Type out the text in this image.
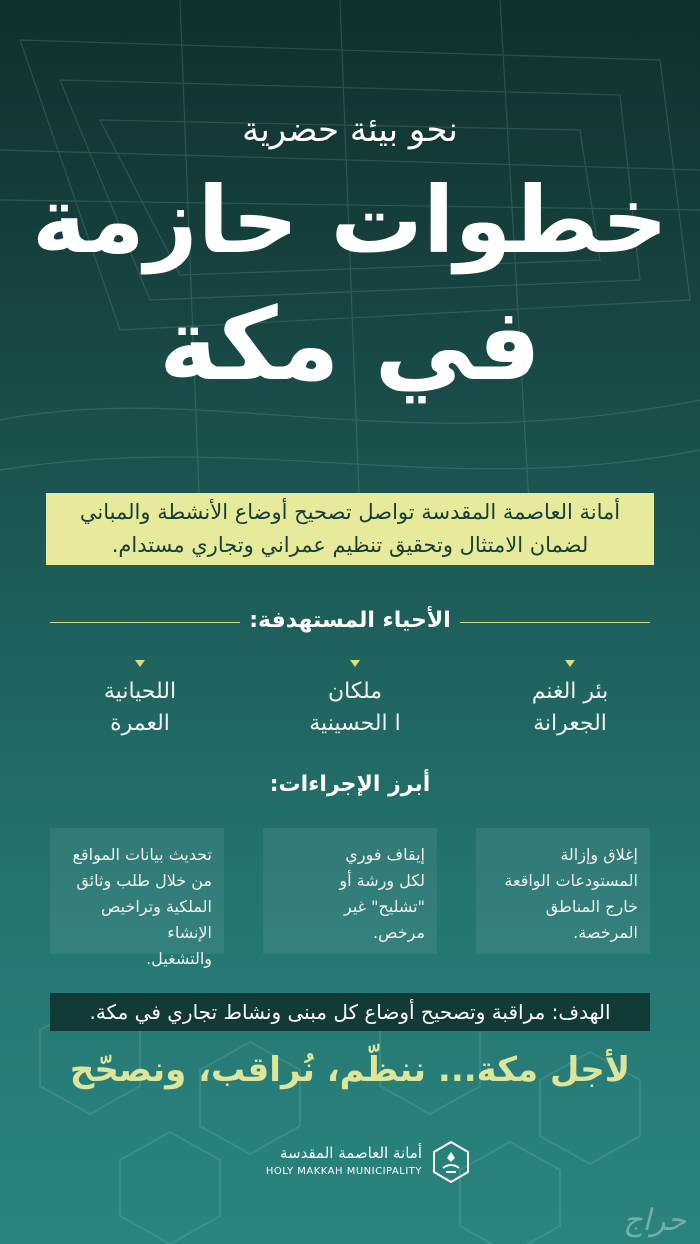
نحو بيئة حضرية
خطوات حازمة
في مكة
أمانة العاصمة المقدسة تواصل تصحيح أوضاع الأنشطة والمباني
لضمان الامتثال وتحقيق تنظيم عمراني وتجاري مستدام.
الأحياء المستهدفة:
بئر الغنم
الجعرانة
ملكان
ا الحسينية
اللحيانية
العمرة
أبرز الإجراءات:
إغلاق وإزالة
المستودعات الواقعة
خارج المناطق
المرخصة.
إيقاف فوري
لكل ورشة أو
"تشليح" غير
مرخص.
تحديث بيانات المواقع
من خلال طلب وثائق
الملكية وتراخيص الإنشاء
والتشغيل.
الهدف: مراقبة وتصحيح أوضاع كل مبنى ونشاط تجاري في مكة.
لأجل مكة... ننظّم، نُراقب، ونصحّح
أمانة العاصمة المقدسة
HOLY MAKKAH MUNICIPALITY
حراج
